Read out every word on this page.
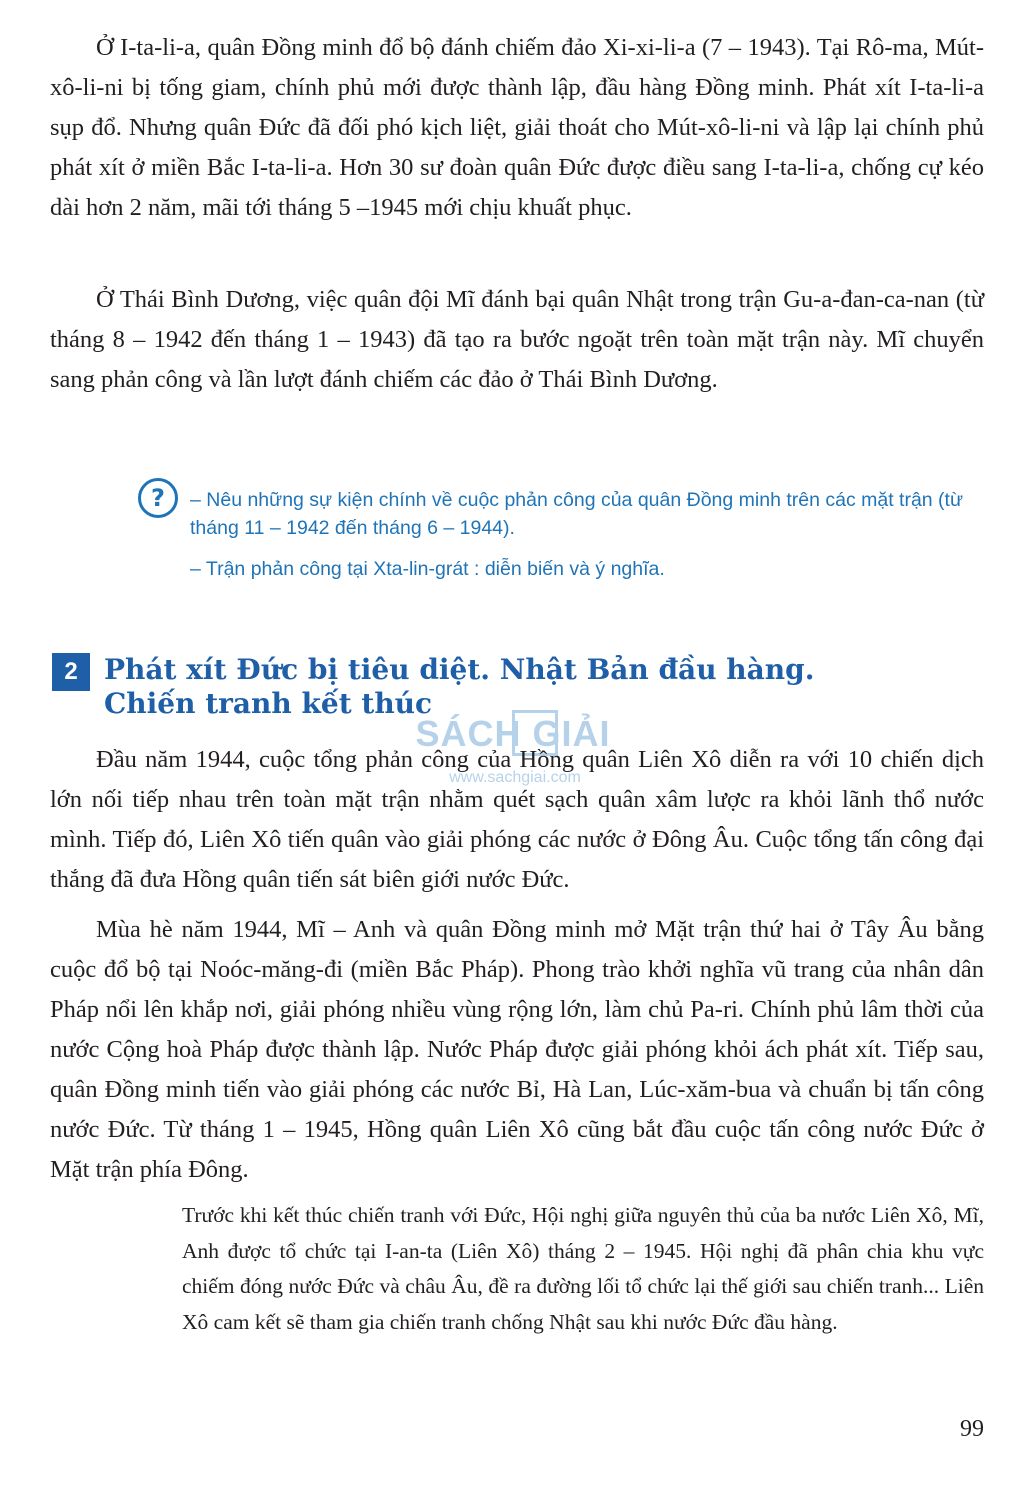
Ở I-ta-li-a, quân Đồng minh đổ bộ đánh chiếm đảo Xi-xi-li-a (7 – 1943). Tại Rô-ma, Mút-xô-li-ni bị tống giam, chính phủ mới được thành lập, đầu hàng Đồng minh. Phát xít I-ta-li-a sụp đổ. Nhưng quân Đức đã đối phó kịch liệt, giải thoát cho Mút-xô-li-ni và lập lại chính phủ phát xít ở miền Bắc I-ta-li-a. Hơn 30 sư đoàn quân Đức được điều sang I-ta-li-a, chống cự kéo dài hơn 2 năm, mãi tới tháng 5 –1945 mới chịu khuất phục.

Ở Thái Bình Dương, việc quân đội Mĩ đánh bại quân Nhật trong trận Gu-a-đan-ca-nan (từ tháng 8 – 1942 đến tháng 1 – 1943) đã tạo ra bước ngoặt trên toàn mặt trận này. Mĩ chuyển sang phản công và lần lượt đánh chiếm các đảo ở Thái Bình Dương.

?	– Nêu những sự kiện chính về cuộc phản công của quân Đồng minh trên các mặt trận (từ tháng 11 – 1942 đến tháng 6 – 1944).

– Trận phản công tại Xta-lin-grát : diễn biến và ý nghĩa.

2 Phát xít Đức bị tiêu diệt. Nhật Bản đầu hàng.
Chiến tranh kết thúc
SÁCH GIẢI
www.sachgiai.com

Đầu năm 1944, cuộc tổng phản công của Hồng quân Liên Xô diễn ra với 10 chiến dịch lớn nối tiếp nhau trên toàn mặt trận nhằm quét sạch quân xâm lược ra khỏi lãnh thổ nước mình. Tiếp đó, Liên Xô tiến quân vào giải phóng các nước ở Đông Âu. Cuộc tổng tấn công đại thắng đã đưa Hồng quân tiến sát biên giới nước Đức.

Mùa hè năm 1944, Mĩ – Anh và quân Đồng minh mở Mặt trận thứ hai ở Tây Âu bằng cuộc đổ bộ tại Noóc-măng-đi (miền Bắc Pháp). Phong trào khởi nghĩa vũ trang của nhân dân Pháp nổi lên khắp nơi, giải phóng nhiều vùng rộng lớn, làm chủ Pa-ri. Chính phủ lâm thời của nước Cộng hoà Pháp được thành lập. Nước Pháp được giải phóng khỏi ách phát xít. Tiếp sau, quân Đồng minh tiến vào giải phóng các nước Bỉ, Hà Lan, Lúc-xăm-bua và chuẩn bị tấn công nước Đức. Từ tháng 1 – 1945, Hồng quân Liên Xô cũng bắt đầu cuộc tấn công nước Đức ở Mặt trận phía Đông.

Trước khi kết thúc chiến tranh với Đức, Hội nghị giữa nguyên thủ của ba nước Liên Xô, Mĩ, Anh được tổ chức tại I-an-ta (Liên Xô) tháng 2 – 1945. Hội nghị đã phân chia khu vực chiếm đóng nước Đức và châu Âu, đề ra đường lối tổ chức lại thế giới sau chiến tranh... Liên Xô cam kết sẽ tham gia chiến tranh chống Nhật sau khi nước Đức đầu hàng.

99
